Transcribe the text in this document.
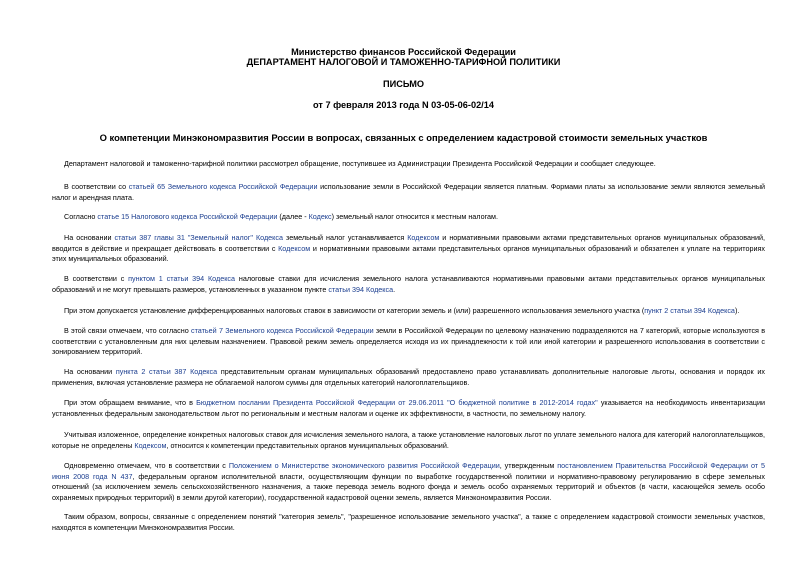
Министерство финансов Российской Федерации
ДЕПАРТАМЕНТ НАЛОГОВОЙ И ТАМОЖЕННО-ТАРИФНОЙ ПОЛИТИКИ
ПИСЬМО
от 7 февраля 2013 года N 03-05-06-02/14
О компетенции Минэкономразвития России в вопросах, связанных с определением кадастровой стоимости земельных участков
Департамент налоговой и таможенно-тарифной политики рассмотрел обращение, поступившее из Администрации Президента Российской Федерации и сообщает следующее.
В соответствии со статьей 65 Земельного кодекса Российской Федерации использование земли в Российской Федерации является платным. Формами платы за использование земли являются земельный налог и арендная плата.
Согласно статье 15 Налогового кодекса Российской Федерации (далее - Кодекс) земельный налог относится к местным налогам.
На основании статьи 387 главы 31 "Земельный налог" Кодекса земельный налог устанавливается Кодексом и нормативными правовыми актами представительных органов муниципальных образований, вводится в действие и прекращает действовать в соответствии с Кодексом и нормативными правовыми актами представительных органов муниципальных образований и обязателен к уплате на территориях этих муниципальных образований.
В соответствии с пунктом 1 статьи 394 Кодекса налоговые ставки для исчисления земельного налога устанавливаются нормативными правовыми актами представительных органов муниципальных образований и не могут превышать размеров, установленных в указанном пункте статьи 394 Кодекса.
При этом допускается установление дифференцированных налоговых ставок в зависимости от категории земель и (или) разрешенного использования земельного участка (пункт 2 статьи 394 Кодекса).
В этой связи отмечаем, что согласно статьей 7 Земельного кодекса Российской Федерации земли в Российской Федерации по целевому назначению подразделяются на 7 категорий, которые используются в соответствии с установленным для них целевым назначением. Правовой режим земель определяется исходя из их принадлежности к той или иной категории и разрешенного использования в соответствии с зонированием территорий.
На основании пункта 2 статьи 387 Кодекса представительным органам муниципальных образований предоставлено право устанавливать дополнительные налоговые льготы, основания и порядок их применения, включая установление размера не облагаемой налогом суммы для отдельных категорий налогоплательщиков.
При этом обращаем внимание, что в Бюджетном послании Президента Российской Федерации от 29.06.2011 "О бюджетной политике в 2012-2014 годах" указывается на необходимость инвентаризации установленных федеральным законодательством льгот по региональным и местным налогам и оценке их эффективности, в частности, по земельному налогу.
Учитывая изложенное, определение конкретных налоговых ставок для исчисления земельного налога, а также установление налоговых льгот по уплате земельного налога для категорий налогоплательщиков, которые не определены Кодексом, относится к компетенции представительных органов муниципальных образований.
Одновременно отмечаем, что в соответствии с Положением о Министерстве экономического развития Российской Федерации, утвержденным постановлением Правительства Российской Федерации от 5 июня 2008 года N 437, федеральным органом исполнительной власти, осуществляющим функции по выработке государственной политики и нормативно-правовому регулированию в сфере земельных отношений (за исключением земель сельскохозяйственного назначения, а также перевода земель водного фонда и земель особо охраняемых территорий и объектов (в части, касающейся земель особо охраняемых природных территорий) в земли другой категории), государственной кадастровой оценки земель, является Минэкономразвития России.
Таким образом, вопросы, связанные с определением понятий "категория земель", "разрешенное использование земельного участка", а также с определением кадастровой стоимости земельных участков, находятся в компетенции Минэкономразвития России.
